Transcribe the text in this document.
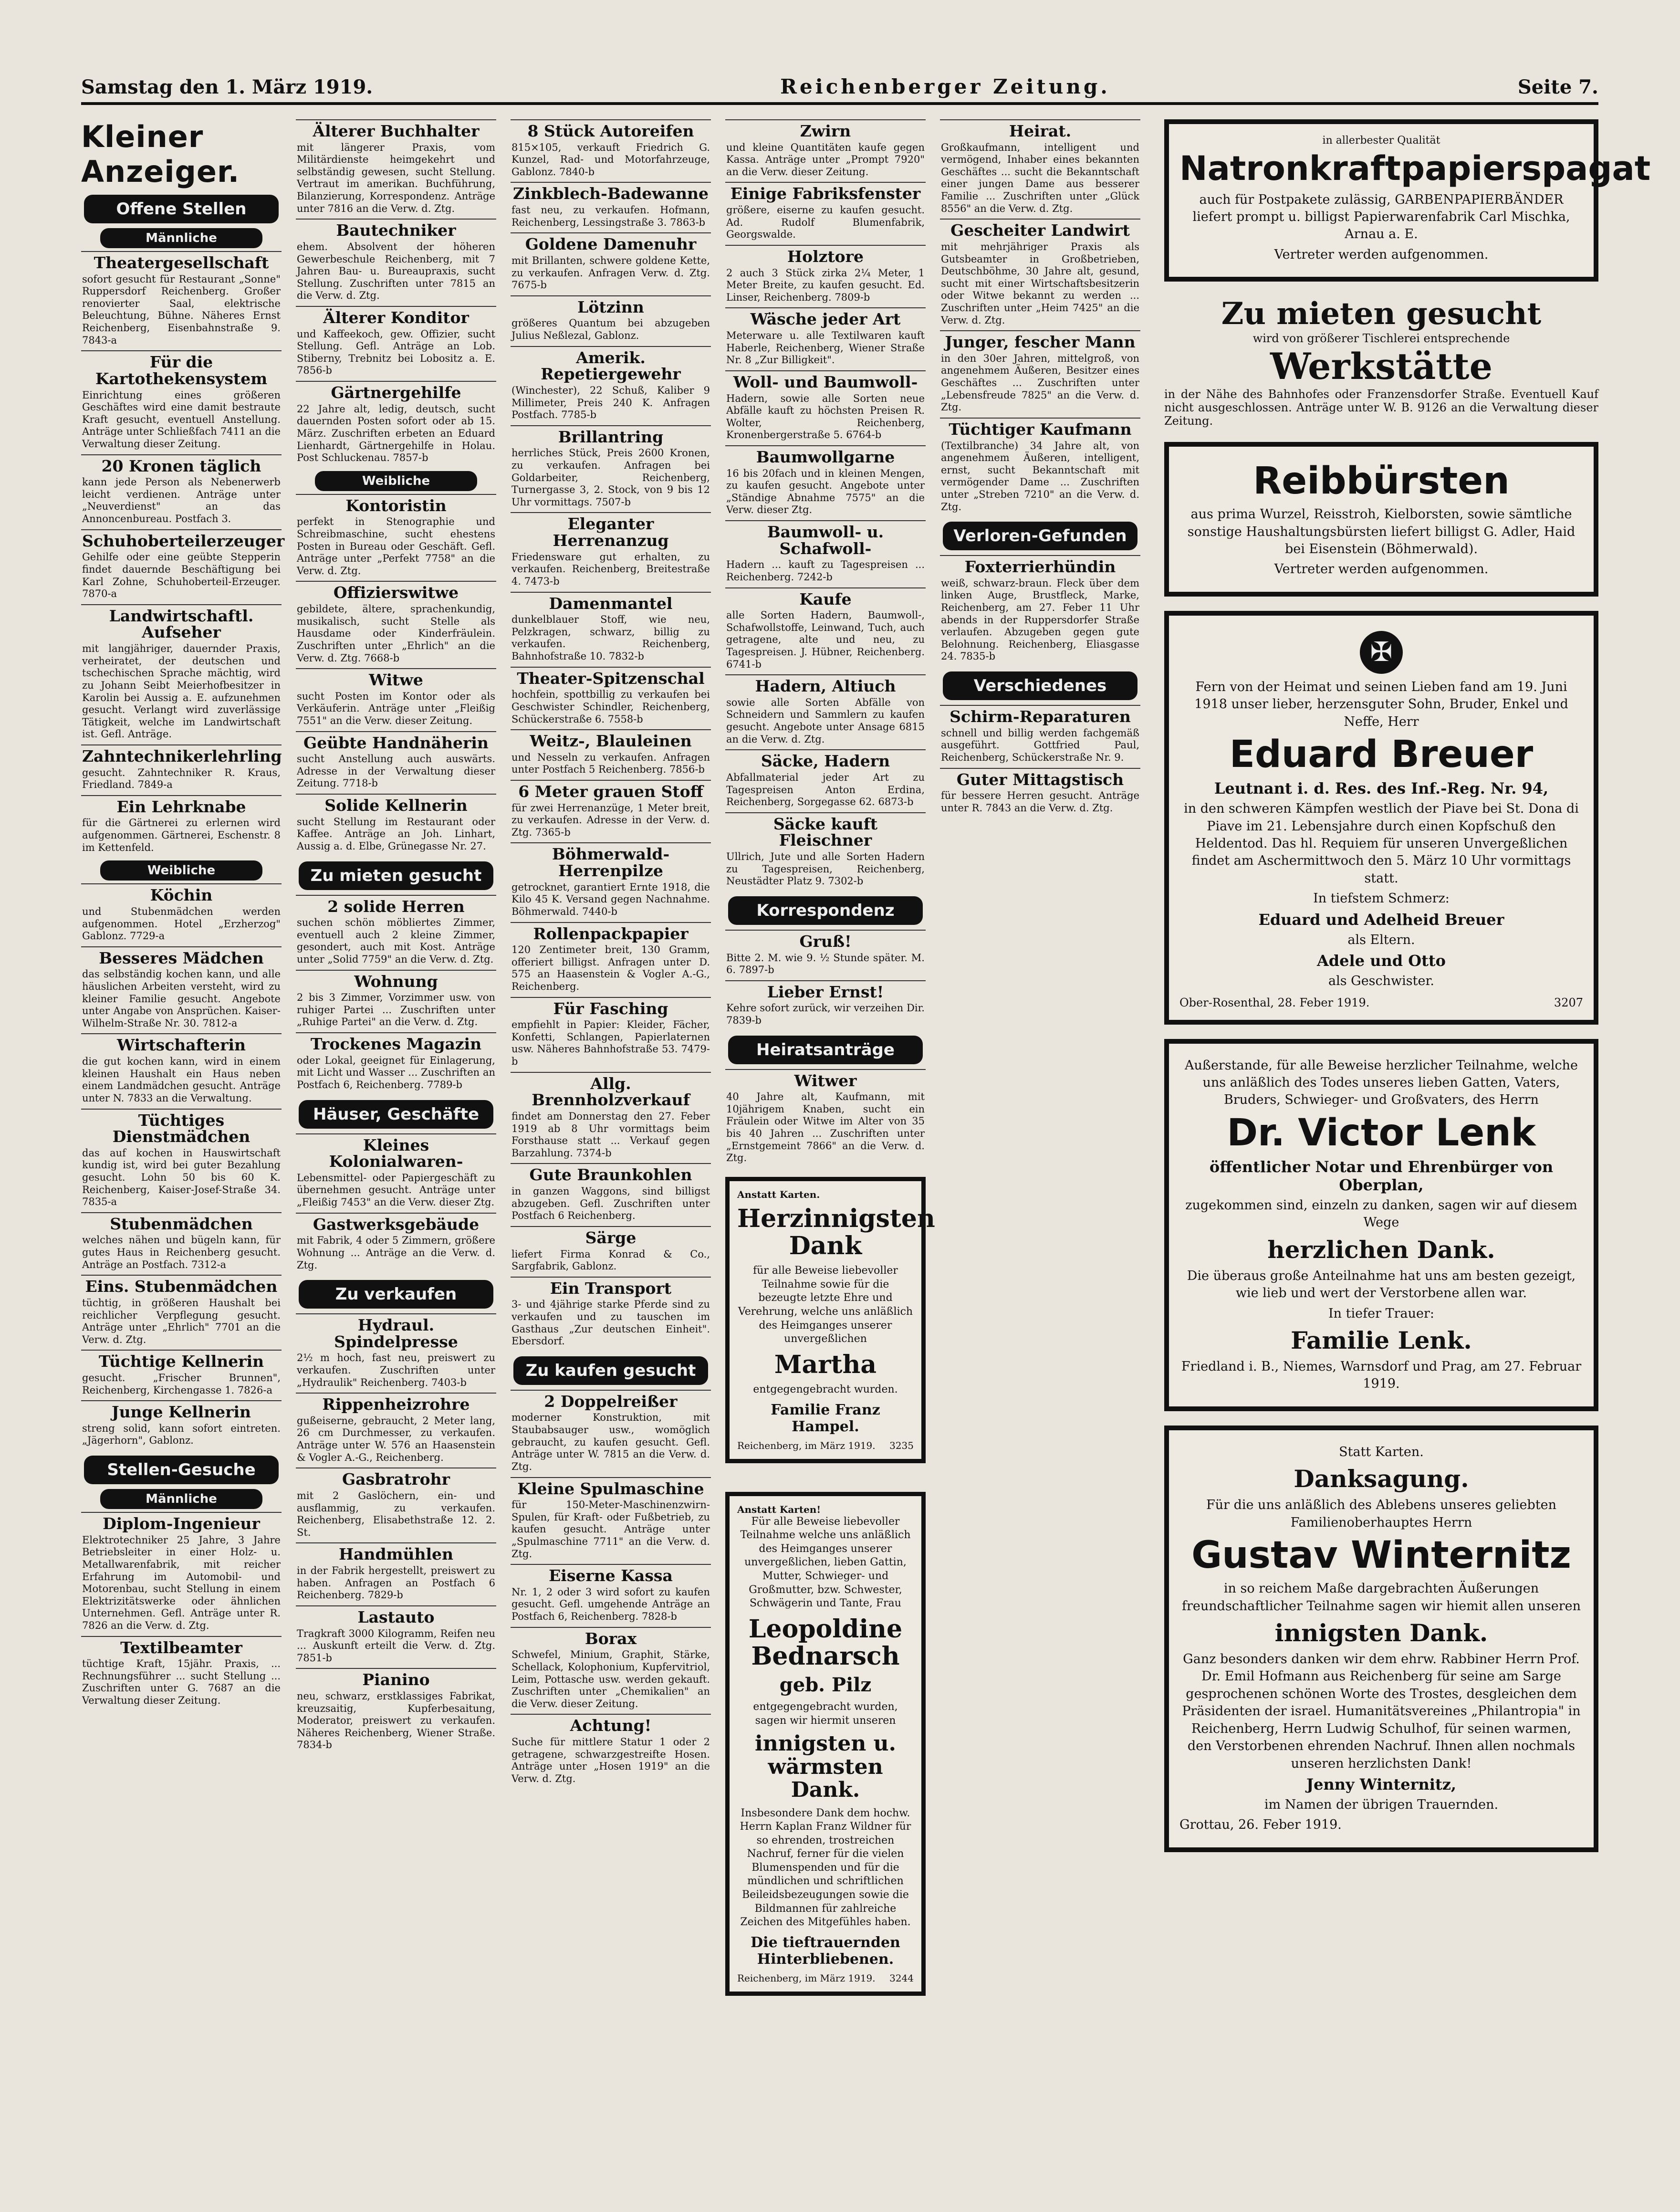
Samstag den 1. März 1919.	Reichenberger Zeitung.	Seite 7.
Kleiner Anzeiger.
Offene Stellen
Männliche
Theatergesellschaft

sofort gesucht für Restaurant „Sonne" Ruppersdorf Reichenberg. Großer renovierter Saal, elektrische Beleuchtung, Bühne. Näheres Ernst Reichenberg, Eisenbahnstraße 9. 7843-a

Für die Kartothekensystem

Einrichtung eines größeren Geschäftes wird eine damit bestraute Kraft gesucht, eventuell Anstellung. Anträge unter Schließfach 7411 an die Verwaltung dieser Zeitung.

20 Kronen täglich

kann jede Person als Nebenerwerb leicht verdienen. Anträge unter „Neuverdienst" an das Annoncenbureau. Postfach 3.

Schuhoberteilerzeuger

Gehilfe oder eine geübte Stepperin findet dauernde Beschäftigung bei Karl Zohne, Schuhoberteil-Erzeuger. 7870-a

Landwirtschaftl. Aufseher

mit langjähriger, dauernder Praxis, verheiratet, der deutschen und tschechischen Sprache mächtig, wird zu Johann Seibt Meierhofbesitzer in Karolin bei Aussig a. E. aufzunehmen gesucht. Verlangt wird zuverlässige Tätigkeit, welche im Landwirtschaft ist. Gefl. Anträge.

Zahntechnikerlehrling

gesucht. Zahntechniker R. Kraus, Friedland. 7849-a

Ein Lehrknabe

für die Gärtnerei zu erlernen wird aufgenommen. Gärtnerei, Eschenstr. 8 im Kettenfeld.

Weibliche
Köchin

und Stubenmädchen werden aufgenommen. Hotel „Erzherzog" Gablonz. 7729-a

Besseres Mädchen

das selbständig kochen kann, und alle häuslichen Arbeiten versteht, wird zu kleiner Familie gesucht. Angebote unter Angabe von Ansprüchen. Kaiser-Wilhelm-Straße Nr. 30. 7812-a

Wirtschafterin

die gut kochen kann, wird in einem kleinen Haushalt ein Haus neben einem Landmädchen gesucht. Anträge unter N. 7833 an die Verwaltung.

Tüchtiges Dienstmädchen

das auf kochen in Hauswirtschaft kundig ist, wird bei guter Bezahlung gesucht. Lohn 50 bis 60 K. Reichenberg, Kaiser-Josef-Straße 34. 7835-a

Stubenmädchen

welches nähen und bügeln kann, für gutes Haus in Reichenberg gesucht. Anträge an Postfach. 7312-a

Eins. Stubenmädchen

tüchtig, in größeren Haushalt bei reichlicher Verpflegung gesucht. Anträge unter „Ehrlich" 7701 an die Verw. d. Ztg.

Tüchtige Kellnerin

gesucht. „Frischer Brunnen", Reichenberg, Kirchengasse 1. 7826-a

Junge Kellnerin

streng solid, kann sofort eintreten. „Jägerhorn", Gablonz.

Stellen-Gesuche
Männliche
Diplom-Ingenieur

Elektrotechniker 25 Jahre, 3 Jahre Betriebsleiter in einer Holz- u. Metallwarenfabrik, mit reicher Erfahrung im Automobil- und Motorenbau, sucht Stellung in einem Elektrizitätswerke oder ähnlichen Unternehmen. Gefl. Anträge unter R. 7826 an die Verw. d. Ztg.

Textilbeamter

tüchtige Kraft, 15jähr. Praxis, ... Rechnungsführer ... sucht Stellung ... Zuschriften unter G. 7687 an die Verwaltung dieser Zeitung.

Älterer Buchhalter

mit längerer Praxis, vom Militärdienste heimgekehrt und selbständig gewesen, sucht Stellung. Vertraut im amerikan. Buchführung, Bilanzierung, Korrespondenz. Anträge unter 7816 an die Verw. d. Ztg.

Bautechniker

ehem. Absolvent der höheren Gewerbeschule Reichenberg, mit 7 Jahren Bau- u. Bureaupraxis, sucht Stellung. Zuschriften unter 7815 an die Verw. d. Ztg.

Älterer Konditor

und Kaffeekoch, gew. Offizier, sucht Stellung. Gefl. Anträge an Lob. Stiberny, Trebnitz bei Lobositz a. E. 7856-b

Gärtnergehilfe

22 Jahre alt, ledig, deutsch, sucht dauernden Posten sofort oder ab 15. März. Zuschriften erbeten an Eduard Lienhardt, Gärtnergehilfe in Holau. Post Schluckenau. 7857-b

Weibliche
Kontoristin

perfekt in Stenographie und Schreibmaschine, sucht ehestens Posten in Bureau oder Geschäft. Gefl. Anträge unter „Perfekt 7758" an die Verw. d. Ztg.

Offizierswitwe

gebildete, ältere, sprachenkundig, musikalisch, sucht Stelle als Hausdame oder Kinderfräulein. Zuschriften unter „Ehrlich" an die Verw. d. Ztg. 7668-b

Witwe

sucht Posten im Kontor oder als Verkäuferin. Anträge unter „Fleißig 7551" an die Verw. dieser Zeitung.

Geübte Handnäherin

sucht Anstellung auch auswärts. Adresse in der Verwaltung dieser Zeitung. 7718-b

Solide Kellnerin

sucht Stellung im Restaurant oder Kaffee. Anträge an Joh. Linhart, Aussig a. d. Elbe, Grünegasse Nr. 27.

Zu mieten gesucht
2 solide Herren

suchen schön möbliertes Zimmer, eventuell auch 2 kleine Zimmer, gesondert, auch mit Kost. Anträge unter „Solid 7759" an die Verw. d. Ztg.

Wohnung

2 bis 3 Zimmer, Vorzimmer usw. von ruhiger Partei ... Zuschriften unter „Ruhige Partei" an die Verw. d. Ztg.

Trockenes Magazin

oder Lokal, geeignet für Einlagerung, mit Licht und Wasser ... Zuschriften an Postfach 6, Reichenberg. 7789-b

Häuser, Geschäfte
Kleines Kolonialwaren-

Lebensmittel- oder Papiergeschäft zu übernehmen gesucht. Anträge unter „Fleißig 7453" an die Verw. dieser Ztg.

Gastwerksgebäude

mit Fabrik, 4 oder 5 Zimmern, größere Wohnung ... Anträge an die Verw. d. Ztg.

Zu verkaufen
Hydraul. Spindelpresse

2½ m hoch, fast neu, preiswert zu verkaufen. Zuschriften unter „Hydraulik" Reichenberg. 7403-b

Rippenheizrohre

gußeiserne, gebraucht, 2 Meter lang, 26 cm Durchmesser, zu verkaufen. Anträge unter W. 576 an Haasenstein & Vogler A.-G., Reichenberg.

Gasbratrohr

mit 2 Gaslöchern, ein- und ausflammig, zu verkaufen. Reichenberg, Elisabethstraße 12. 2. St.

Handmühlen

in der Fabrik hergestellt, preiswert zu haben. Anfragen an Postfach 6 Reichenberg. 7829-b

Lastauto

Tragkraft 3000 Kilogramm, Reifen neu ... Auskunft erteilt die Verw. d. Ztg. 7851-b

Pianino

neu, schwarz, erstklassiges Fabrikat, kreuzsaitig, Kupferbesaitung, Moderator, preiswert zu verkaufen. Näheres Reichenberg, Wiener Straße. 7834-b

8 Stück Autoreifen

815×105, verkauft Friedrich G. Kunzel, Rad- und Motorfahrzeuge, Gablonz. 7840-b

Zinkblech-Badewanne

fast neu, zu verkaufen. Hofmann, Reichenberg, Lessingstraße 3. 7863-b

Goldene Damenuhr

mit Brillanten, schwere goldene Kette, zu verkaufen. Anfragen Verw. d. Ztg. 7675-b

Lötzinn

größeres Quantum bei abzugeben Julius Neßlezal, Gablonz.

Amerik. Repetiergewehr

(Winchester), 22 Schuß, Kaliber 9 Millimeter, Preis 240 K. Anfragen Postfach. 7785-b

Brillantring

herrliches Stück, Preis 2600 Kronen, zu verkaufen. Anfragen bei Goldarbeiter, Reichenberg, Turnergasse 3, 2. Stock, von 9 bis 12 Uhr vormittags. 7507-b

Eleganter Herrenanzug

Friedensware gut erhalten, zu verkaufen. Reichenberg, Breitestraße 4. 7473-b

Damenmantel

dunkelblauer Stoff, wie neu, Pelzkragen, schwarz, billig zu verkaufen. Reichenberg, Bahnhofstraße 10. 7832-b

Theater-Spitzenschal

hochfein, spottbillig zu verkaufen bei Geschwister Schindler, Reichenberg, Schückerstraße 6. 7558-b

Weitz-, Blauleinen

und Nesseln zu verkaufen. Anfragen unter Postfach 5 Reichenberg. 7856-b

6 Meter grauen Stoff

für zwei Herrenanzüge, 1 Meter breit, zu verkaufen. Adresse in der Verw. d. Ztg. 7365-b

Böhmerwald-Herrenpilze

getrocknet, garantiert Ernte 1918, die Kilo 45 K. Versand gegen Nachnahme. Böhmerwald. 7440-b

Rollenpackpapier

120 Zentimeter breit, 130 Gramm, offeriert billigst. Anfragen unter D. 575 an Haasenstein & Vogler A.-G., Reichenberg.

Für Fasching

empfiehlt in Papier: Kleider, Fächer, Konfetti, Schlangen, Papierlaternen usw. Näheres Bahnhofstraße 53. 7479-b

Allg. Brennholzverkauf

findet am Donnerstag den 27. Feber 1919 ab 8 Uhr vormittags beim Forsthause statt ... Verkauf gegen Barzahlung. 7374-b

Gute Braunkohlen

in ganzen Waggons, sind billigst abzugeben. Gefl. Zuschriften unter Postfach 6 Reichenberg.

Särge

liefert Firma Konrad & Co., Sargfabrik, Gablonz.

Ein Transport

3- und 4jährige starke Pferde sind zu verkaufen und zu tauschen im Gasthaus „Zur deutschen Einheit". Ebersdorf.

Zu kaufen gesucht
2 Doppelreißer

moderner Konstruktion, mit Staubabsauger usw., womöglich gebraucht, zu kaufen gesucht. Gefl. Anträge unter W. 7815 an die Verw. d. Ztg.

Kleine Spulmaschine

für 150-Meter-Maschinenzwirn-Spulen, für Kraft- oder Fußbetrieb, zu kaufen gesucht. Anträge unter „Spulmaschine 7711" an die Verw. d. Ztg.

Eiserne Kassa

Nr. 1, 2 oder 3 wird sofort zu kaufen gesucht. Gefl. umgehende Anträge an Postfach 6, Reichenberg. 7828-b

Borax

Schwefel, Minium, Graphit, Stärke, Schellack, Kolophonium, Kupfervitriol, Leim, Pottasche usw. werden gekauft. Zuschriften unter „Chemikalien" an die Verw. dieser Zeitung.

Achtung!

Suche für mittlere Statur 1 oder 2 getragene, schwarzgestreifte Hosen. Anträge unter „Hosen 1919" an die Verw. d. Ztg.

Zwirn

und kleine Quantitäten kaufe gegen Kassa. Anträge unter „Prompt 7920" an die Verw. dieser Zeitung.

Einige Fabriksfenster

größere, eiserne zu kaufen gesucht. Ad. Rudolf Blumenfabrik, Georgswalde.

Holztore

2 auch 3 Stück zirka 2¼ Meter, 1 Meter Breite, zu kaufen gesucht. Ed. Linser, Reichenberg. 7809-b

Wäsche jeder Art

Meterware u. alle Textilwaren kauft Haberle, Reichenberg, Wiener Straße Nr. 8 „Zur Billigkeit".

Woll- und Baumwoll-

Hadern, sowie alle Sorten neue Abfälle kauft zu höchsten Preisen R. Wolter, Reichenberg, Kronenbergerstraße 5. 6764-b

Baumwollgarne

16 bis 20fach und in kleinen Mengen, zu kaufen gesucht. Angebote unter „Ständige Abnahme 7575" an die Verw. dieser Ztg.

Baumwoll- u. Schafwoll-

Hadern ... kauft zu Tagespreisen ... Reichenberg. 7242-b

Kaufe

alle Sorten Hadern, Baumwoll-, Schafwollstoffe, Leinwand, Tuch, auch getragene, alte und neu, zu Tagespreisen. J. Hübner, Reichenberg. 6741-b

Hadern, Altiuch

sowie alle Sorten Abfälle von Schneidern und Sammlern zu kaufen gesucht. Angebote unter Ansage 6815 an die Verw. d. Ztg.

Säcke, Hadern

Abfallmaterial jeder Art zu Tagespreisen Anton Erdina, Reichenberg, Sorgegasse 62. 6873-b

Säcke kauft Fleischner

Ullrich, Jute und alle Sorten Hadern zu Tagespreisen, Reichenberg, Neustädter Platz 9. 7302-b

Korrespondenz
Gruß!

Bitte 2. M. wie 9. ½ Stunde später. M. 6. 7897-b

Lieber Ernst!

Kehre sofort zurück, wir verzeihen Dir. 7839-b

Heiratsanträge
Witwer

40 Jahre alt, Kaufmann, mit 10jährigem Knaben, sucht ein Fräulein oder Witwe im Alter von 35 bis 40 Jahren ... Zuschriften unter „Ernstgemeint 7866" an die Verw. d. Ztg.

Anstatt Karten.
Herzinnigsten Dank
für alle Beweise liebevoller Teilnahme sowie für die bezeugte letzte Ehre und Verehrung, welche uns anläßlich des Heimganges unserer unvergeßlichen
Martha
entgegengebracht wurden.
Familie Franz Hampel.
Reichenberg, im März 1919. 3235
Anstatt Karten!
Für alle Beweise liebevoller Teilnahme welche uns anläßlich des Heimganges unserer unvergeßlichen, lieben Gattin, Mutter, Schwieger- und Großmutter, bzw. Schwester, Schwägerin und Tante, Frau
Leopoldine Bednarsch
geb. Pilz
entgegengebracht wurden, sagen wir hiermit unseren
innigsten u. wärmsten Dank.
Insbesondere Dank dem hochw. Herrn Kaplan Franz Wildner für so ehrenden, trostreichen Nachruf, ferner für die vielen Blumenspenden und für die mündlichen und schriftlichen Beileidsbezeugungen sowie die Bildmannen für zahlreiche Zeichen des Mitgefühles haben.
Die tieftrauernden Hinterbliebenen.
Reichenberg, im März 1919. 3244
Heirat.

Großkaufmann, intelligent und vermögend, Inhaber eines bekannten Geschäftes ... sucht die Bekanntschaft einer jungen Dame aus besserer Familie ... Zuschriften unter „Glück 8556" an die Verw. d. Ztg.

Gescheiter Landwirt

mit mehrjähriger Praxis als Gutsbeamter in Großbetrieben, Deutschböhme, 30 Jahre alt, gesund, sucht mit einer Wirtschaftsbesitzerin oder Witwe bekannt zu werden ... Zuschriften unter „Heim 7425" an die Verw. d. Ztg.

Junger, fescher Mann

in den 30er Jahren, mittelgroß, von angenehmem Äußeren, Besitzer eines Geschäftes ... Zuschriften unter „Lebensfreude 7825" an die Verw. d. Ztg.

Tüchtiger Kaufmann

(Textilbranche) 34 Jahre alt, von angenehmem Äußeren, intelligent, ernst, sucht Bekanntschaft mit vermögender Dame ... Zuschriften unter „Streben 7210" an die Verw. d. Ztg.

Verloren-Gefunden
Foxterrierhündin

weiß, schwarz-braun. Fleck über dem linken Auge, Brustfleck, Marke, Reichenberg, am 27. Feber 11 Uhr abends in der Ruppersdorfer Straße verlaufen. Abzugeben gegen gute Belohnung. Reichenberg, Eliasgasse 24. 7835-b

Verschiedenes
Schirm-Reparaturen

schnell und billig werden fachgemäß ausgeführt. Gottfried Paul, Reichenberg, Schückerstraße Nr. 9.

Guter Mittagstisch

für bessere Herren gesucht. Anträge unter R. 7843 an die Verw. d. Ztg.

in allerbester Qualität
Natronkraftpapierspagat
auch für Postpakete zulässig, GARBENPAPIERBÄNDER liefert prompt u. billigst Papierwarenfabrik Carl Mischka, Arnau a. E.
Vertreter werden aufgenommen.
Zu mieten gesucht
wird von größerer Tischlerei entsprechende
Werkstätte
in der Nähe des Bahnhofes oder Franzensdorfer Straße. Eventuell Kauf nicht ausgeschlossen. Anträge unter W. B. 9126 an die Verwaltung dieser Zeitung.
Reibbürsten
aus prima Wurzel, Reisstroh, Kielborsten, sowie sämtliche sonstige Haushaltungsbürsten liefert billigst G. Adler, Haid bei Eisenstein (Böhmerwald).
Vertreter werden aufgenommen.
✠
Fern von der Heimat und seinen Lieben fand am 19. Juni 1918 unser lieber, herzensguter Sohn, Bruder, Enkel und Neffe, Herr
Eduard Breuer
Leutnant i. d. Res. des Inf.-Reg. Nr. 94,
in den schweren Kämpfen westlich der Piave bei St. Dona di Piave im 21. Lebensjahre durch einen Kopfschuß den Heldentod. Das hl. Requiem für unseren Unvergeßlichen findet am Aschermittwoch den 5. März 10 Uhr vormittags statt.
In tiefstem Schmerz:
Eduard und Adelheid Breuer
als Eltern.
Adele und Otto
als Geschwister.
Ober-Rosenthal, 28. Feber 1919.	3207
Außerstande, für alle Beweise herzlicher Teilnahme, welche uns anläßlich des Todes unseres lieben Gatten, Vaters, Bruders, Schwieger- und Großvaters, des Herrn
Dr. Victor Lenk
öffentlicher Notar und Ehrenbürger von Oberplan,
zugekommen sind, einzeln zu danken, sagen wir auf diesem Wege
herzlichen Dank.
Die überaus große Anteilnahme hat uns am besten gezeigt, wie lieb und wert der Verstorbene allen war.
In tiefer Trauer:
Familie Lenk.
Friedland i. B., Niemes, Warnsdorf und Prag, am 27. Februar 1919.
Statt Karten.
Danksagung.
Für die uns anläßlich des Ablebens unseres geliebten Familienoberhauptes Herrn
Gustav Winternitz
in so reichem Maße dargebrachten Äußerungen freundschaftlicher Teilnahme sagen wir hiemit allen unseren
innigsten Dank.
Ganz besonders danken wir dem ehrw. Rabbiner Herrn Prof. Dr. Emil Hofmann aus Reichenberg für seine am Sarge gesprochenen schönen Worte des Trostes, desgleichen dem Präsidenten der israel. Humanitätsvereines „Philantropia" in Reichenberg, Herrn Ludwig Schulhof, für seinen warmen, den Verstorbenen ehrenden Nachruf. Ihnen allen nochmals unseren herzlichsten Dank!
Jenny Winternitz,
im Namen der übrigen Trauernden.
Grottau, 26. Feber 1919.
